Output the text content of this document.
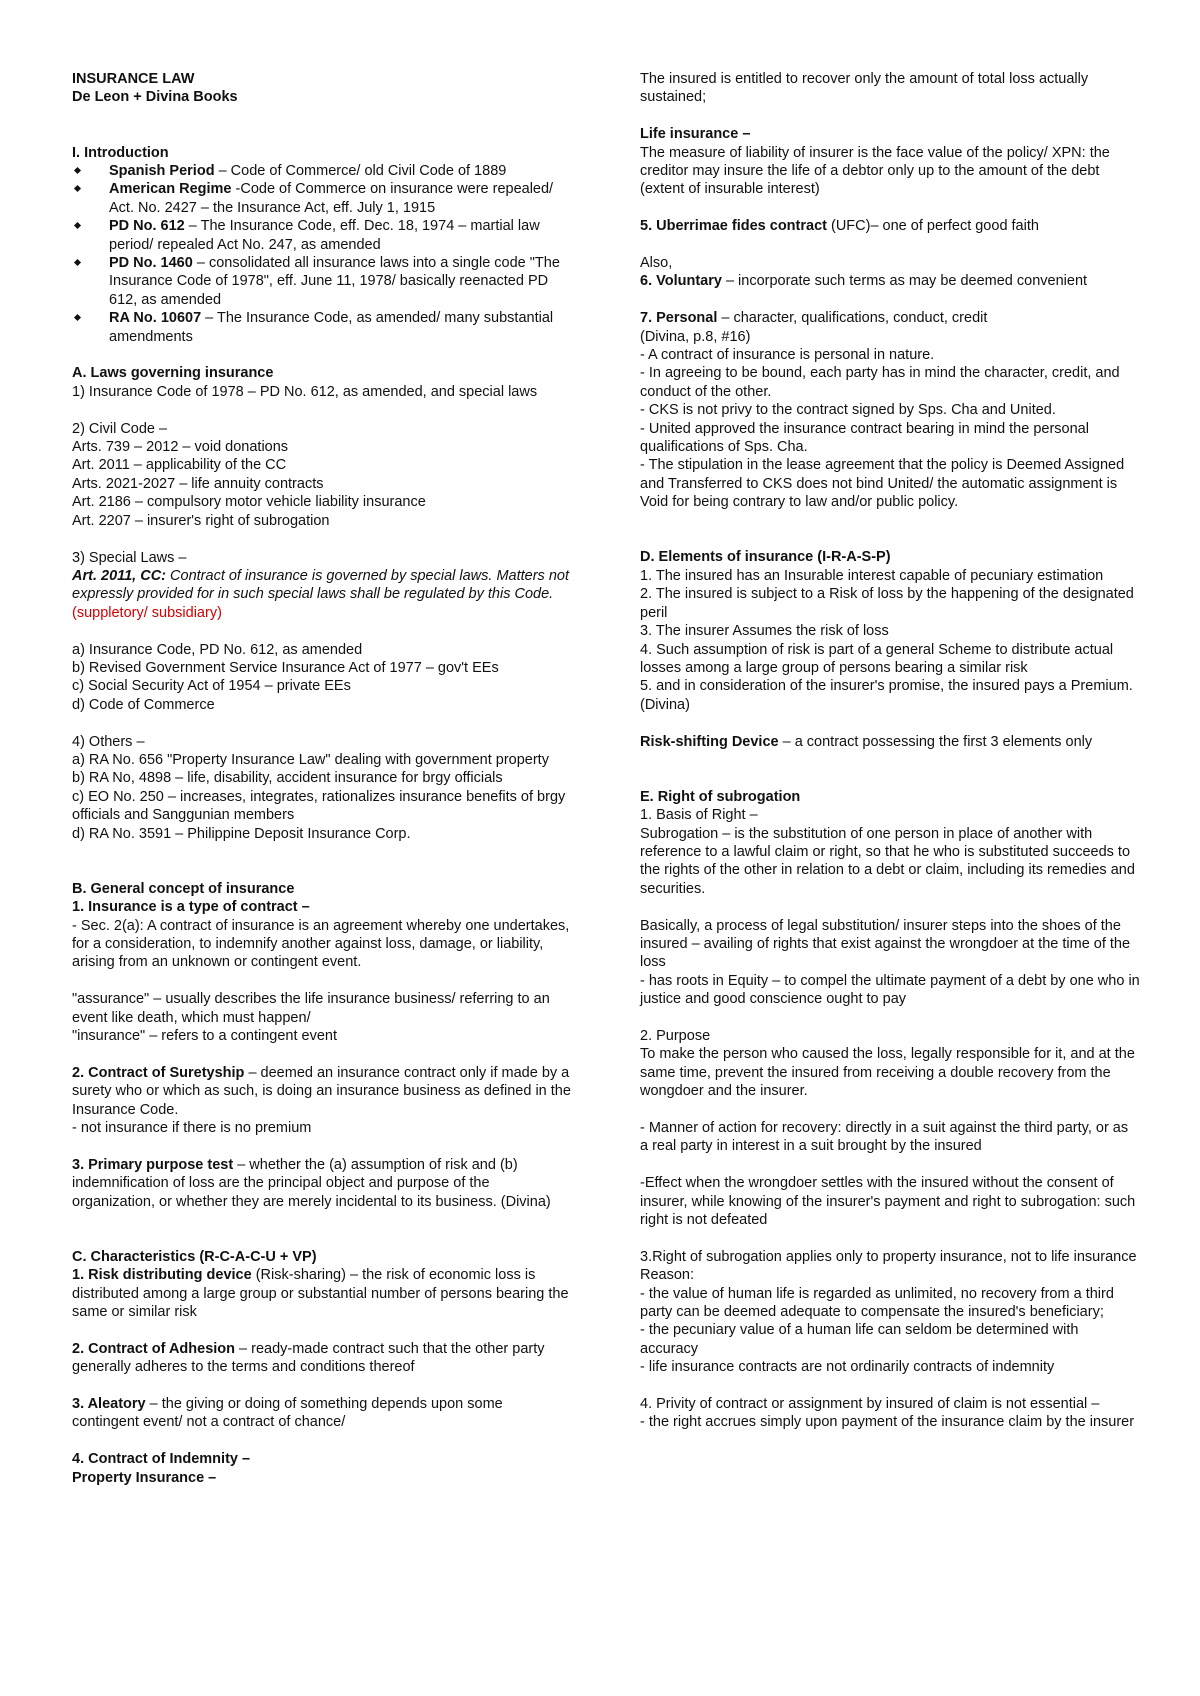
INSURANCE LAW

De Leon + Divina Books

I. Introduction

Spanish Period – Code of Commerce/ old Civil Code of 1889
American Regime -Code of Commerce on insurance were repealed/ Act. No. 2427 – the Insurance Act, eff. July 1, 1915
PD No. 612 – The Insurance Code, eff. Dec. 18, 1974 – martial law period/ repealed Act No. 247, as amended
PD No. 1460 – consolidated all insurance laws into a single code "The Insurance Code of 1978", eff. June 11, 1978/ basically reenacted PD 612, as amended
RA No. 10607 – The Insurance Code, as amended/ many substantial amendments

A. Laws governing insurance

1) Insurance Code of 1978 – PD No. 612, as amended, and special laws

2) Civil Code –

Arts. 739 – 2012 – void donations

Art. 2011 – applicability of the CC

Arts. 2021-2027 – life annuity contracts

Art. 2186 – compulsory motor vehicle liability insurance

Art. 2207 – insurer's right of subrogation

3) Special Laws –

Art. 2011, CC: Contract of insurance is governed by special laws. Matters not expressly provided for in such special laws shall be regulated by this Code. (suppletory/ subsidiary)

a) Insurance Code, PD No. 612, as amended

b) Revised Government Service Insurance Act of 1977 – gov't EEs

c) Social Security Act of 1954 – private EEs

d) Code of Commerce

4) Others –

a) RA No. 656 "Property Insurance Law" dealing with government property

b) RA No, 4898 – life, disability, accident insurance for brgy officials

c) EO No. 250 – increases, integrates, rationalizes insurance benefits of brgy officials and Sanggunian members

d) RA No. 3591 – Philippine Deposit Insurance Corp.

B. General concept of insurance

1. Insurance is a type of contract –

- Sec. 2(a): A contract of insurance is an agreement whereby one undertakes, for a consideration, to indemnify another against loss, damage, or liability, arising from an unknown or contingent event.

"assurance" – usually describes the life insurance business/ referring to an event like death, which must happen/

"insurance" – refers to a contingent event

2. Contract of Suretyship – deemed an insurance contract only if made by a surety who or which as such, is doing an insurance business as defined in the Insurance Code.

- not insurance if there is no premium

3. Primary purpose test – whether the (a) assumption of risk and (b) indemnification of loss are the principal object and purpose of the organization, or whether they are merely incidental to its business. (Divina)

C. Characteristics (R-C-A-C-U + VP)

1. Risk distributing device (Risk-sharing) – the risk of economic loss is distributed among a large group or substantial number of persons bearing the same or similar risk

2. Contract of Adhesion – ready-made contract such that the other party generally adheres to the terms and conditions thereof

3. Aleatory – the giving or doing of something depends upon some contingent event/ not a contract of chance/

4. Contract of Indemnity –

Property Insurance –

The insured is entitled to recover only the amount of total loss actually sustained;

Life insurance –

The measure of liability of insurer is the face value of the policy/ XPN: the creditor may insure the life of a debtor only up to the amount of the debt (extent of insurable interest)

5. Uberrimae fides contract (UFC)– one of perfect good faith

Also,

6. Voluntary – incorporate such terms as may be deemed convenient

7. Personal – character, qualifications, conduct, credit

(Divina, p.8, #16)

- A contract of insurance is personal in nature.

- In agreeing to be bound, each party has in mind the character, credit, and conduct of the other.

- CKS is not privy to the contract signed by Sps. Cha and United.

- United approved the insurance contract bearing in mind the personal qualifications of Sps. Cha.

- The stipulation in the lease agreement that the policy is Deemed Assigned and Transferred to CKS does not bind United/ the automatic assignment is Void for being contrary to law and/or public policy.

D. Elements of insurance (I-R-A-S-P)

1. The insured has an Insurable interest capable of pecuniary estimation

2. The insured is subject to a Risk of loss by the happening of the designated peril

3. The insurer Assumes the risk of loss

4. Such assumption of risk is part of a general Scheme to distribute actual losses among a large group of persons bearing a similar risk

5. and in consideration of the insurer's promise, the insured pays a Premium. (Divina)

Risk-shifting Device – a contract possessing the first 3 elements only

E. Right of subrogation

1. Basis of Right –

Subrogation – is the substitution of one person in place of another with reference to a lawful claim or right, so that he who is substituted succeeds to the rights of the other in relation to a debt or claim, including its remedies and securities.

Basically, a process of legal substitution/ insurer steps into the shoes of the insured – availing of rights that exist against the wrongdoer at the time of the loss

- has roots in Equity – to compel the ultimate payment of a debt by one who in justice and good conscience ought to pay

2. Purpose

To make the person who caused the loss, legally responsible for it, and at the same time, prevent the insured from receiving a double recovery from the wongdoer and the insurer.

- Manner of action for recovery: directly in a suit against the third party, or as a real party in interest in a suit brought by the insured

-Effect when the wrongdoer settles with the insured without the consent of insurer, while knowing of the insurer's payment and right to subrogation: such right is not defeated

3.Right of subrogation applies only to property insurance, not to life insurance

Reason:

- the value of human life is regarded as unlimited, no recovery from a third party can be deemed adequate to compensate the insured's beneficiary;

- the pecuniary value of a human life can seldom be determined with accuracy

- life insurance contracts are not ordinarily contracts of indemnity

4. Privity of contract or assignment by insured of claim is not essential –

- the right accrues simply upon payment of the insurance claim by the insurer
